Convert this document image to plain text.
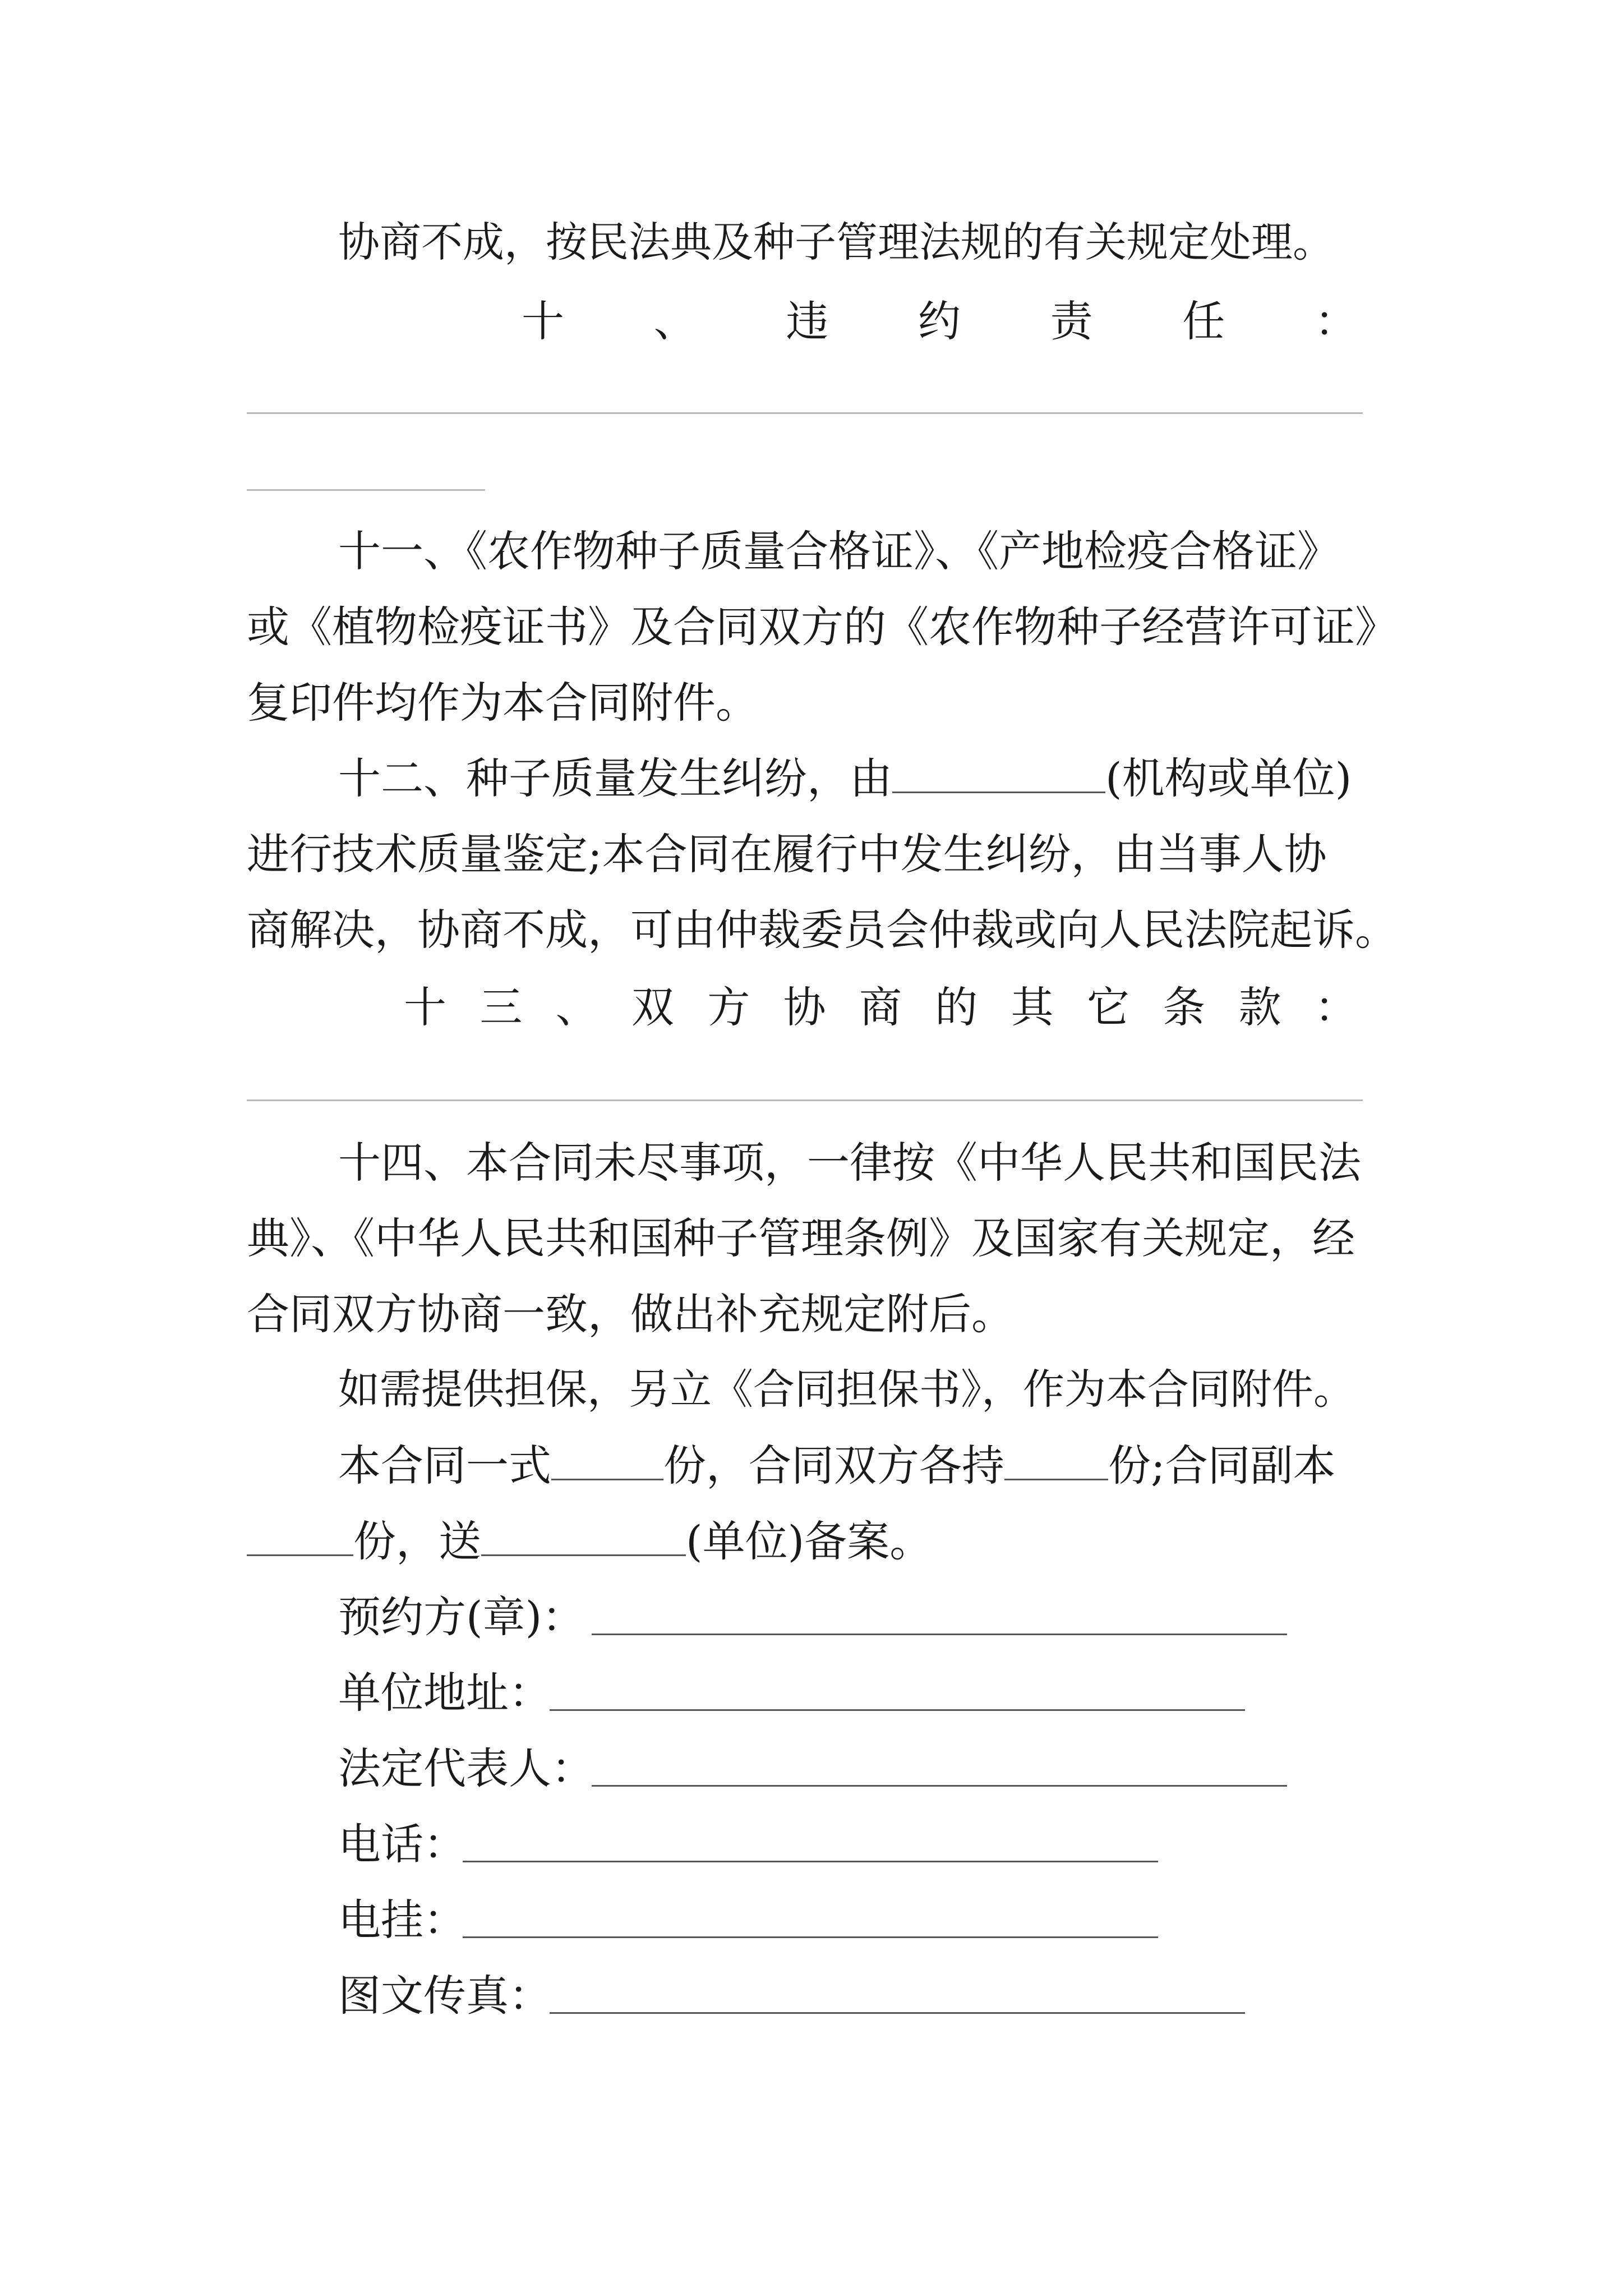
协商不成，按民法典及种子管理法规的有关规定处理。
十 、 违 约 责 任 ：
十一、《农作物种子质量合格证》、《产地检疫合格证》
或《植物检疫证书》及合同双方的《农作物种子经营许可证》
复印件均作为本合同附件。
十二、种子质量发生纠纷，由	(机构或单位)
进行技术质量鉴定;本合同在履行中发生纠纷，由当事人协
商解决，协商不成，可由仲裁委员会仲裁或向人民法院起诉。
十 三 、 双 方 协 商 的 其 它 条 款 ：
十四、本合同未尽事项，一律按《中华人民共和国民法
典》、《中华人民共和国种子管理条例》及国家有关规定，经
合同双方协商一致，做出补充规定附后。
如需提供担保，另立《合同担保书》，作为本合同附件。
本合同一式	份，合同双方各持 份;合同副本
份，送	(单位)备案。
预约方(章)：
单位地址：
法定代表人：
电话：
电挂：
图文传真：
